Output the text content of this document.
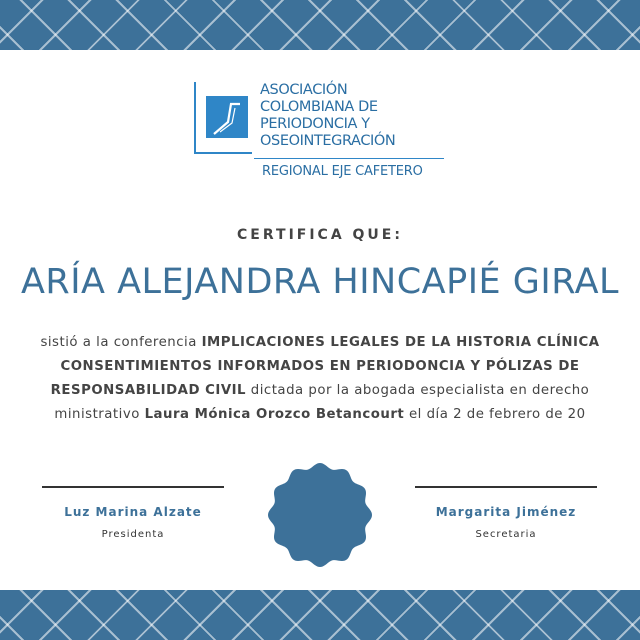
ASOCIACIÓN
COLOMBIANA DE
PERIODONCIA Y
OSEOINTEGRACIÓN
REGIONAL EJE CAFETERO
CERTIFICA QUE:
ARÍA ALEJANDRA HINCAPIÉ GIRAL
sistió a la conferencia IMPLICACIONES LEGALES DE LA HISTORIA CLÍNICA
CONSENTIMIENTOS INFORMADOS EN PERIODONCIA Y PÓLIZAS DE
RESPONSABILIDAD CIVIL dictada por la abogada especialista en derecho
ministrativo Laura Mónica Orozco Betancourt el día 2 de febrero de 20
Luz Marina Alzate
Presidenta
Margarita Jiménez
Secretaria
